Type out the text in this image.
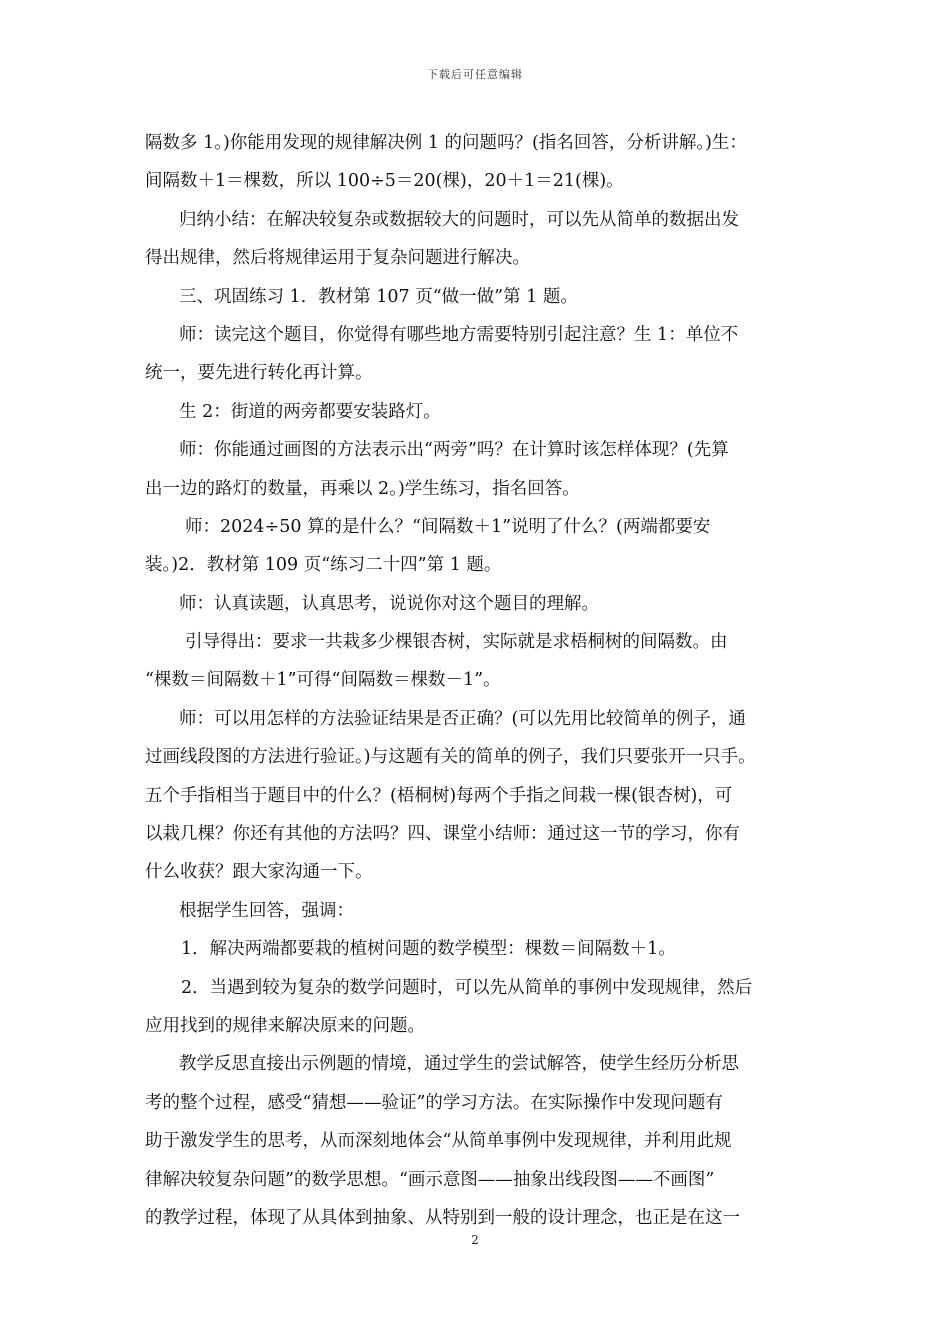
下载后可任意编辑
隔数多 1。)你能用发现的规律解决例 1 的问题吗？(指名回答，分析讲解。)生：
间隔数＋1＝棵数，所以 100÷5＝20(棵)，20＋1＝21(棵)。
归纳小结：在解决较复杂或数据较大的问题时，可以先从简单的数据出发
得出规律，然后将规律运用于复杂问题进行解决。
三、巩固练习 1．教材第 107 页“做一做”第 1 题。
师：读完这个题目，你觉得有哪些地方需要特别引起注意？生 1：单位不
统一，要先进行转化再计算。
生 2：街道的两旁都要安装路灯。
师：你能通过画图的方法表示出“两旁”吗？在计算时该怎样体现？(先算
出一边的路灯的数量，再乘以 2。)学生练习，指名回答。
师：2024÷50 算的是什么？“间隔数＋1”说明了什么？(两端都要安
装。)2．教材第 109 页“练习二十四”第 1 题。
师：认真读题，认真思考，说说你对这个题目的理解。
引导得出：要求一共栽多少棵银杏树，实际就是求梧桐树的间隔数。由
“棵数＝间隔数＋1”可得“间隔数＝棵数－1”。
师：可以用怎样的方法验证结果是否正确？(可以先用比较简单的例子，通
过画线段图的方法进行验证。)与这题有关的简单的例子，我们只要张开一只手。
五个手指相当于题目中的什么？(梧桐树)每两个手指之间栽一棵(银杏树)，可
以栽几棵？你还有其他的方法吗？四、课堂小结师：通过这一节的学习，你有
什么收获？跟大家沟通一下。
根据学生回答，强调：
1．解决两端都要栽的植树问题的数学模型：棵数＝间隔数＋1。
2．当遇到较为复杂的数学问题时，可以先从简单的事例中发现规律，然后
应用找到的规律来解决原来的问题。
教学反思直接出示例题的情境，通过学生的尝试解答，使学生经历分析思
考的整个过程，感受“猜想——验证”的学习方法。在实际操作中发现问题有
助于激发学生的思考，从而深刻地体会“从简单事例中发现规律，并利用此规
律解决较复杂问题”的数学思想。“画示意图——抽象出线段图——不画图”
的教学过程，体现了从具体到抽象、从特别到一般的设计理念，也正是在这一
2
